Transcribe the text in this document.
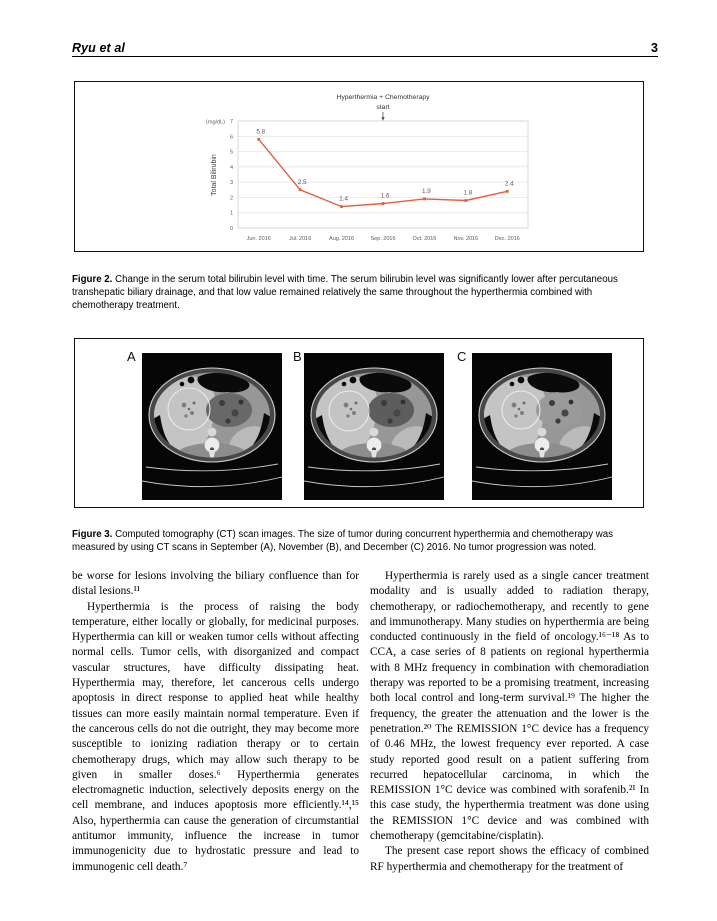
Ryu et al	3
0
1
2
3
4
5
6
7
(mg/dL)
Total Bilirubin
Jun. 2016	Jul. 2016	Aug. 2016	Sep. 2016	Oct. 2016	Nov. 2016	Dec. 2016
5.8
2.5
1.4	1.6
1.9	1.8
2.4
Hyperthermia + Chemotherapy
start

Figure 2. Change in the serum total bilirubin level with time. The serum bilirubin level was significantly lower after percutaneous transhepatic biliary drainage, and that low value remained relatively the same throughout the hyperthermia combined with chemotherapy treatment.

A	B	C

Figure 3. Computed tomography (CT) scan images. The size of tumor during concurrent hyperthermia and chemotherapy was measured by using CT scans in September (A), November (B), and December (C) 2016. No tumor progression was noted.

be worse for lesions involving the biliary confluence than for distal lesions.¹¹

Hyperthermia is the process of raising the body temperature, either locally or globally, for medicinal purposes. Hyperthermia can kill or weaken tumor cells without affecting normal cells. Tumor cells, with disorganized and compact vascular structures, have difficulty dissipating heat. Hyperthermia may, therefore, let cancerous cells undergo apoptosis in direct response to applied heat while healthy tissues can more easily maintain normal temperature. Even if the cancerous cells do not die outright, they may become more susceptible to ionizing radiation therapy or to certain chemotherapy drugs, which may allow such therapy to be given in smaller doses.⁶ Hyperthermia generates electromagnetic induction, selectively deposits energy on the cell membrane, and induces apoptosis more efficiently.¹⁴,¹⁵ Also, hyperthermia can cause the generation of circumstantial antitumor immunity, influence the increase in tumor immunogenicity due to hydrostatic pressure and lead to immunogenic cell death.⁷

Hyperthermia is rarely used as a single cancer treatment modality and is usually added to radiation therapy, chemotherapy, or radiochemotherapy, and recently to gene and immunotherapy. Many studies on hyperthermia are being conducted continuously in the field of oncology.¹⁶⁻¹⁸ As to CCA, a case series of 8 patients on regional hyperthermia with 8 MHz frequency in combination with chemoradiation therapy was reported to be a promising treatment, increasing both local control and long-term survival.¹⁹ The higher the frequency, the greater the attenuation and the lower is the penetration.²⁰ The REMISSION 1°C device has a frequency of 0.46 MHz, the lowest frequency ever reported. A case study reported good result on a patient suffering from recurred hepatocellular carcinoma, in which the REMISSION 1°C device was combined with sorafenib.²¹ In this case study, the hyperthermia treatment was done using the REMISSION 1°C device and was combined with chemotherapy (gemcitabine/cisplatin).

The present case report shows the efficacy of combined RF hyperthermia and chemotherapy for the treatment of
